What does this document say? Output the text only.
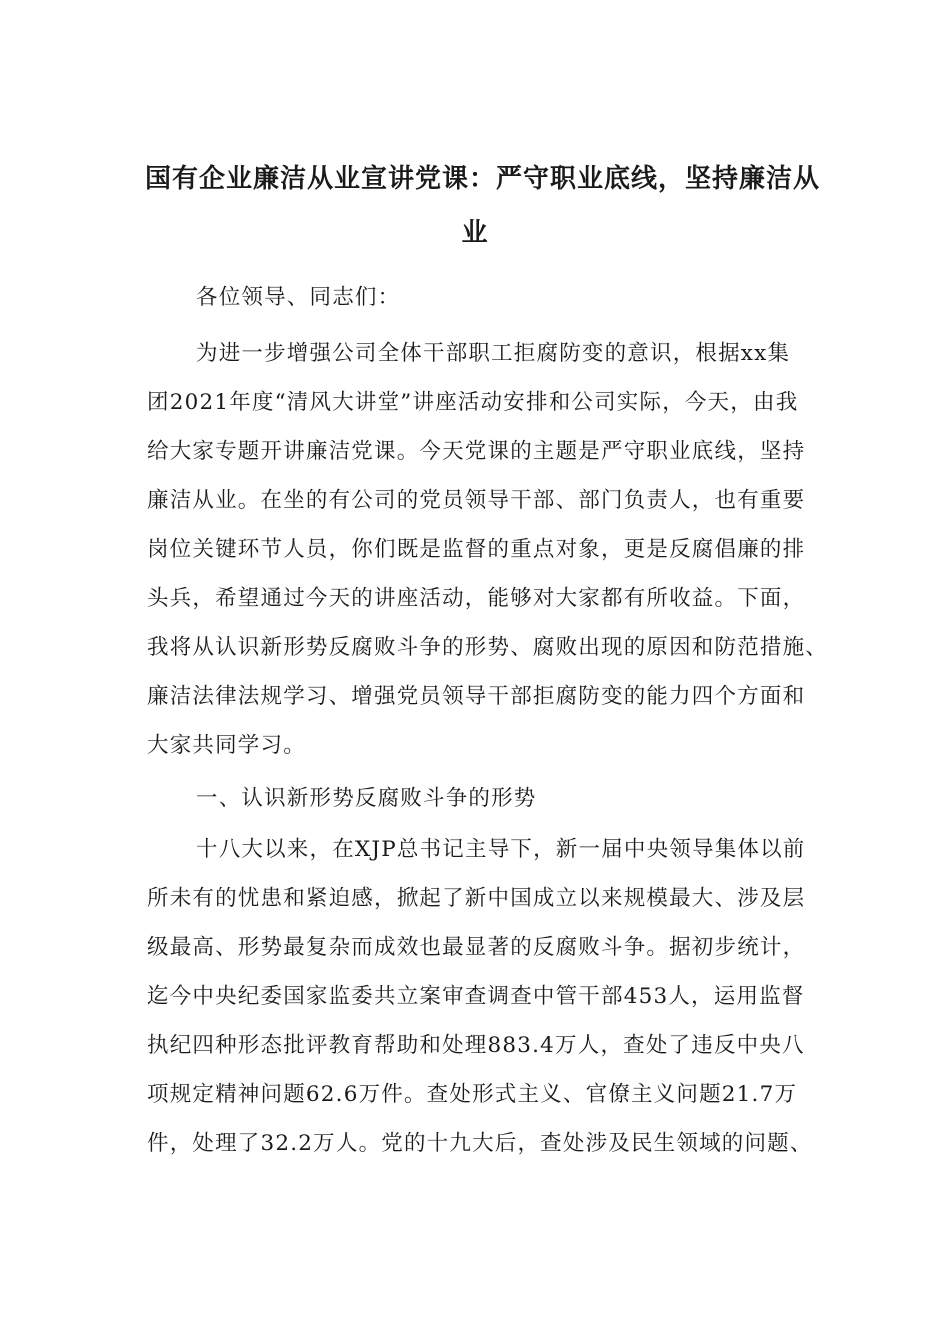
国有企业廉洁从业宣讲党课：严守职业底线，坚持廉洁从
业
各位领导、同志们：
为进一步增强公司全体干部职工拒腐防变的意识，根据xx集
团2021年度“清风大讲堂”讲座活动安排和公司实际，今天，由我
给大家专题开讲廉洁党课。今天党课的主题是严守职业底线，坚持
廉洁从业。在坐的有公司的党员领导干部、部门负责人，也有重要
岗位关键环节人员，你们既是监督的重点对象，更是反腐倡廉的排
头兵，希望通过今天的讲座活动，能够对大家都有所收益。下面，
我将从认识新形势反腐败斗争的形势、腐败出现的原因和防范措施、
廉洁法律法规学习、增强党员领导干部拒腐防变的能力四个方面和
大家共同学习。
一、认识新形势反腐败斗争的形势
十八大以来，在XJP总书记主导下，新一届中央领导集体以前
所未有的忧患和紧迫感，掀起了新中国成立以来规模最大、涉及层
级最高、形势最复杂而成效也最显著的反腐败斗争。据初步统计，
迄今中央纪委国家监委共立案审查调查中管干部453人，运用监督
执纪四种形态批评教育帮助和处理883.4万人，查处了违反中央八
项规定精神问题62.6万件。查处形式主义、官僚主义问题21.7万
件，处理了32.2万人。党的十九大后，查处涉及民生领域的问题、
